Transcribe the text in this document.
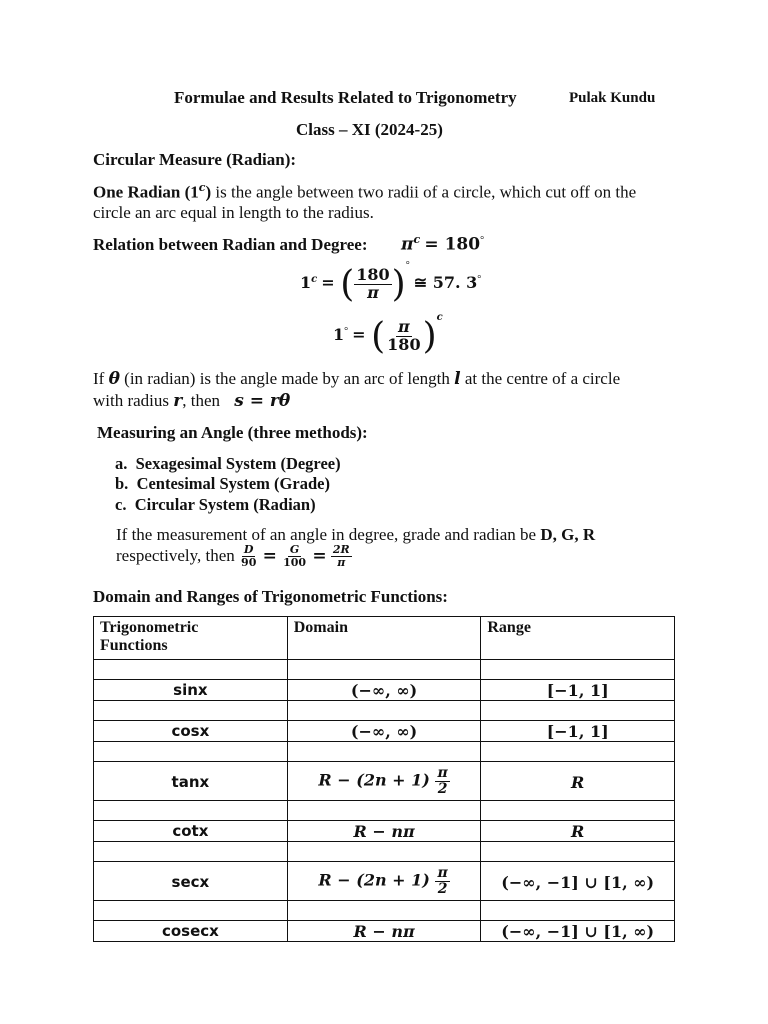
Formulae and Results Related to Trigonometry	Pulak Kundu
Class – XI (2024-25)
Circular Measure (Radian):
One Radian (1$^c$) is the angle between two radii of a circle, which cut off on the
circle an arc equal in length to the radius.
Relation between Radian and Degree: $\pi^c = 180^\circ$
$1^c$ = ( $\frac{180}{\pi} )^\circ$ ≅ 57. 3°
1° = ( $\frac{\pi}{180} )^c$
If θ (in radian) is the angle made by an arc of length l at the centre of a circle
with radius r, then s = rθ
Measuring an Angle (three methods):
a. Sexagesimal System (Degree)
b. Centesimal System (Grade)
c. Circular System (Radian)
If the measurement of an angle in degree, grade and radian be D, G, R
respectively, then $\frac{D}{90} = \frac{G}{100} = \frac{2R}{\pi}$
Domain and Ranges of Trigonometric Functions:
Trigonometric
Functions	Domain	Range

sinx	(−∞, ∞)	[−1, 1]

cosx	(−∞, ∞)	[−1, 1]

tanx	$R - (2n + 1) \frac{\pi}{2}$	R

cotx	R − nπ	R

secx	$R - (2n + 1) \frac{\pi}{2}$	(−∞, −1] ∪ [1, ∞)

cosecx	R − nπ	(−∞, −1] ∪ [1, ∞)
